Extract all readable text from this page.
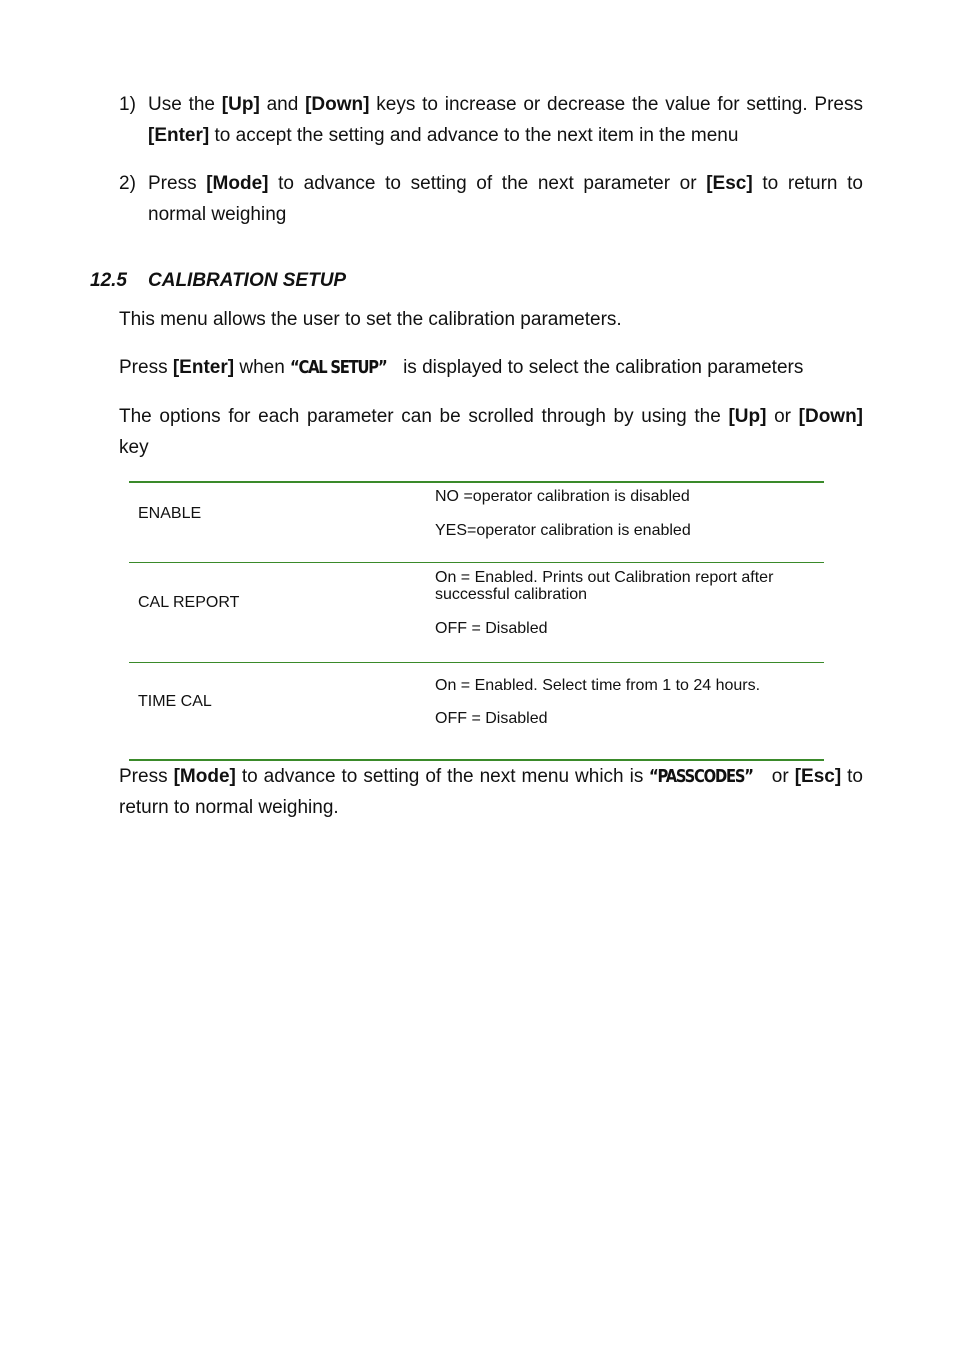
1) Use the [Up] and [Down] keys to increase or decrease the value for setting. Press [Enter] to accept the setting and advance to the next item in the menu
2) Press [Mode] to advance to setting of the next parameter or [Esc] to return to normal weighing
12.5 CALIBRATION SETUP
This menu allows the user to set the calibration parameters.
Press [Enter] when “CAL SETUP” is displayed to select the calibration parameters
The options for each parameter can be scrolled through by using the [Up] or [Down] key
ENABLE
NO =operator calibration is disabled
YES=operator calibration is enabled
CAL REPORT
On = Enabled. Prints out Calibration report after successful calibration
OFF = Disabled
TIME CAL
On = Enabled. Select time from 1 to 24 hours.
OFF = Disabled
Press [Mode] to advance to setting of the next menu which is “PASSCODES” or [Esc] to return to normal weighing.
